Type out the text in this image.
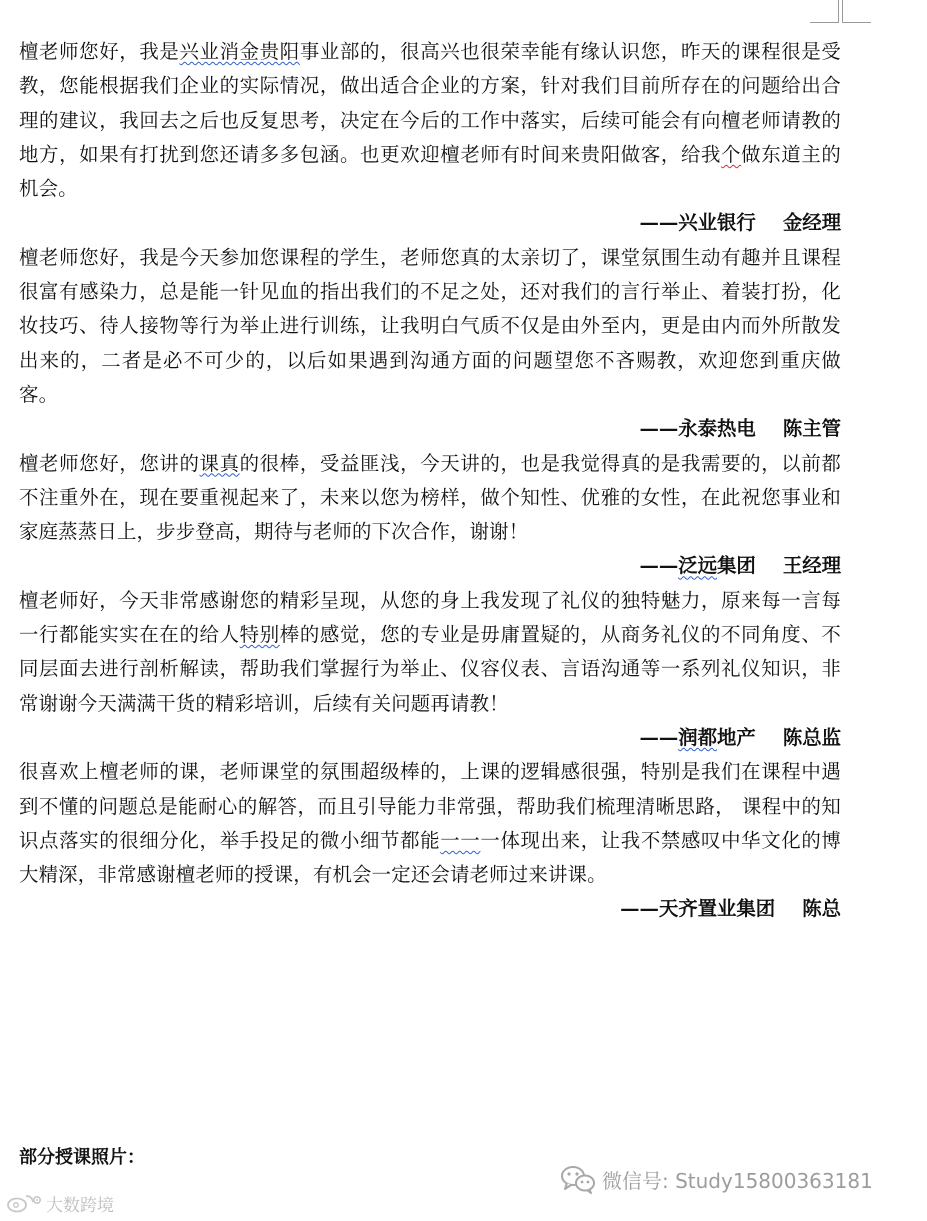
檀老师您好，我是兴业消金贵阳事业部的，很高兴也很荣幸能有缘认识您，昨天的课程很是受教，您能根据我们企业的实际情况，做出适合企业的方案，针对我们目前所存在的问题给出合理的建议，我回去之后也反复思考，决定在今后的工作中落实，后续可能会有向檀老师请教的地方，如果有打扰到您还请多多包涵。也更欢迎檀老师有时间来贵阳做客，给我个做东道主的机会。

——兴业银行    金经理

檀老师您好，我是今天参加您课程的学生，老师您真的太亲切了，课堂氛围生动有趣并且课程很富有感染力，总是能一针见血的指出我们的不足之处，还对我们的言行举止、着装打扮，化妆技巧、待人接物等行为举止进行训练，让我明白气质不仅是由外至内，更是由内而外所散发出来的，二者是必不可少的，以后如果遇到沟通方面的问题望您不吝赐教，欢迎您到重庆做客。

——永泰热电    陈主管

檀老师您好，您讲的课真的很棒，受益匪浅，今天讲的，也是我觉得真的是我需要的，以前都不注重外在，现在要重视起来了，未来以您为榜样，做个知性、优雅的女性，在此祝您事业和家庭蒸蒸日上，步步登高，期待与老师的下次合作，谢谢！

——泛远集团    王经理

檀老师好，今天非常感谢您的精彩呈现，从您的身上我发现了礼仪的独特魅力，原来每一言每一行都能实实在在的给人特别棒的感觉，您的专业是毋庸置疑的，从商务礼仪的不同角度、不同层面去进行剖析解读，帮助我们掌握行为举止、仪容仪表、言语沟通等一系列礼仪知识，非常谢谢今天满满干货的精彩培训，后续有关问题再请教！

——润都地产    陈总监

很喜欢上檀老师的课，老师课堂的氛围超级棒的，上课的逻辑感很强，特别是我们在课程中遇到不懂的问题总是能耐心的解答，而且引导能力非常强，帮助我们梳理清晰思路， 课程中的知识点落实的很细分化，举手投足的微小细节都能一一一体现出来，让我不禁感叹中华文化的博大精深，非常感谢檀老师的授课，有机会一定还会请老师过来讲课。

——天齐置业集团    陈总

部分授课照片：

微信号: Study15800363181
大数跨境
